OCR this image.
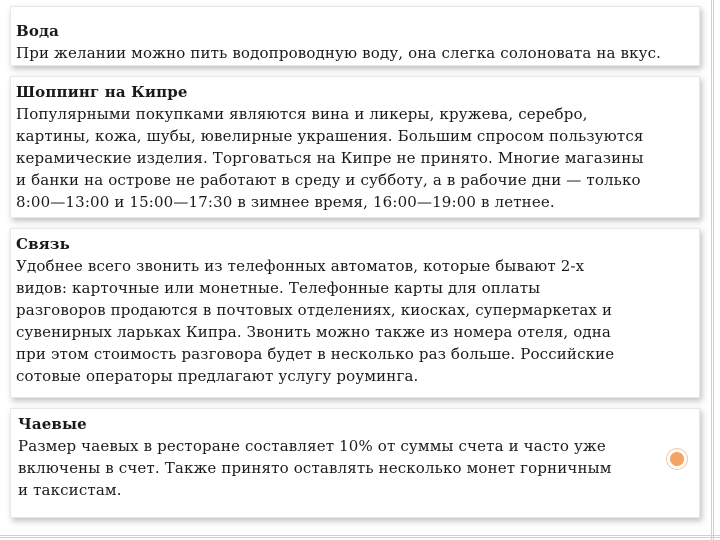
Вода
При желании можно пить водопроводную воду, она слегка солоновата на вкус.
Шоппинг на Кипре
Популярными покупками являются вина и ликеры, кружева, серебро,
картины, кожа, шубы, ювелирные украшения. Большим спросом пользуются
керамические изделия. Торговаться на Кипре не принято. Многие магазины
и банки на острове не работают в среду и субботу, а в рабочие дни — только
8:00—13:00 и 15:00—17:30 в зимнее время, 16:00—19:00 в летнее.
Связь
Удобнее всего звонить из телефонных автоматов, которые бывают 2-х
видов: карточные или монетные. Телефонные карты для оплаты
разговоров продаются в почтовых отделениях, киосках, супермаркетах и
сувенирных ларьках Кипра. Звонить можно также из номера отеля, одна
при этом стоимость разговора будет в несколько раз больше. Российские
сотовые операторы предлагают услугу роуминга.
Чаевые
Размер чаевых в ресторане составляет 10% от суммы счета и часто уже
включены в счет. Также принято оставлять несколько монет горничным
и таксистам.
